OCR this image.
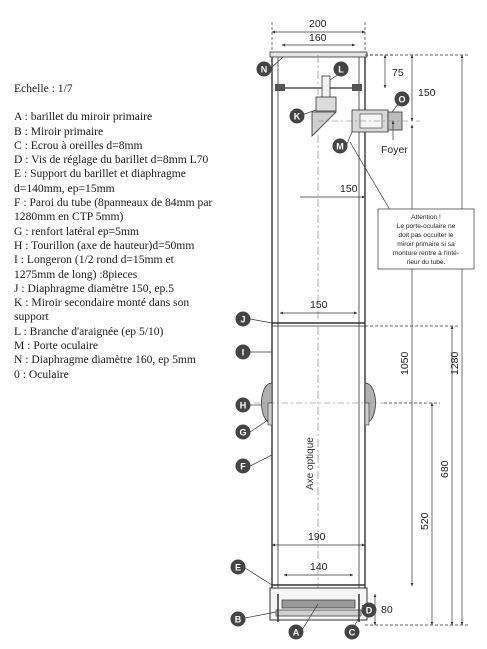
Echelle : 1/7
A : barillet du miroir primaire
B : Miroir primaire
C : Ecrou à oreilles d=8mm
D : Vis de réglage du barillet d=8mm L70
E : Support du barillet et diaphragme d=140mm, ep=15mm
F : Paroi du tube (8panneaux de 84mm par 1280mm en CTP 5mm)
G : renfort latéral ep=5mm
H : Tourillon (axe de hauteur)d=50mm
I : Longeron (1/2 rond d=15mm et 1275mm de long) :8pieces
J : Diaphragme diamètre 150, ep.5
K : Miroir secondaire monté dans son support
L : Branche d'araignée (ep 5/10)
M : Porte oculaire
N : Diaphragme diamètre 160, ep 5mm
0 : Oculaire
Axe optique
200
160
75
150
150
150
1050	1280
680
520
190
140
80
Foyer
Attention !
Le porte-oculaire ne
doit pas occulter le
miroir primaire si sa
monture rentre à l'inté-
rieur du tube.
N	L
O
K
M
J
I
H
G
F
E
B
A
D
C
